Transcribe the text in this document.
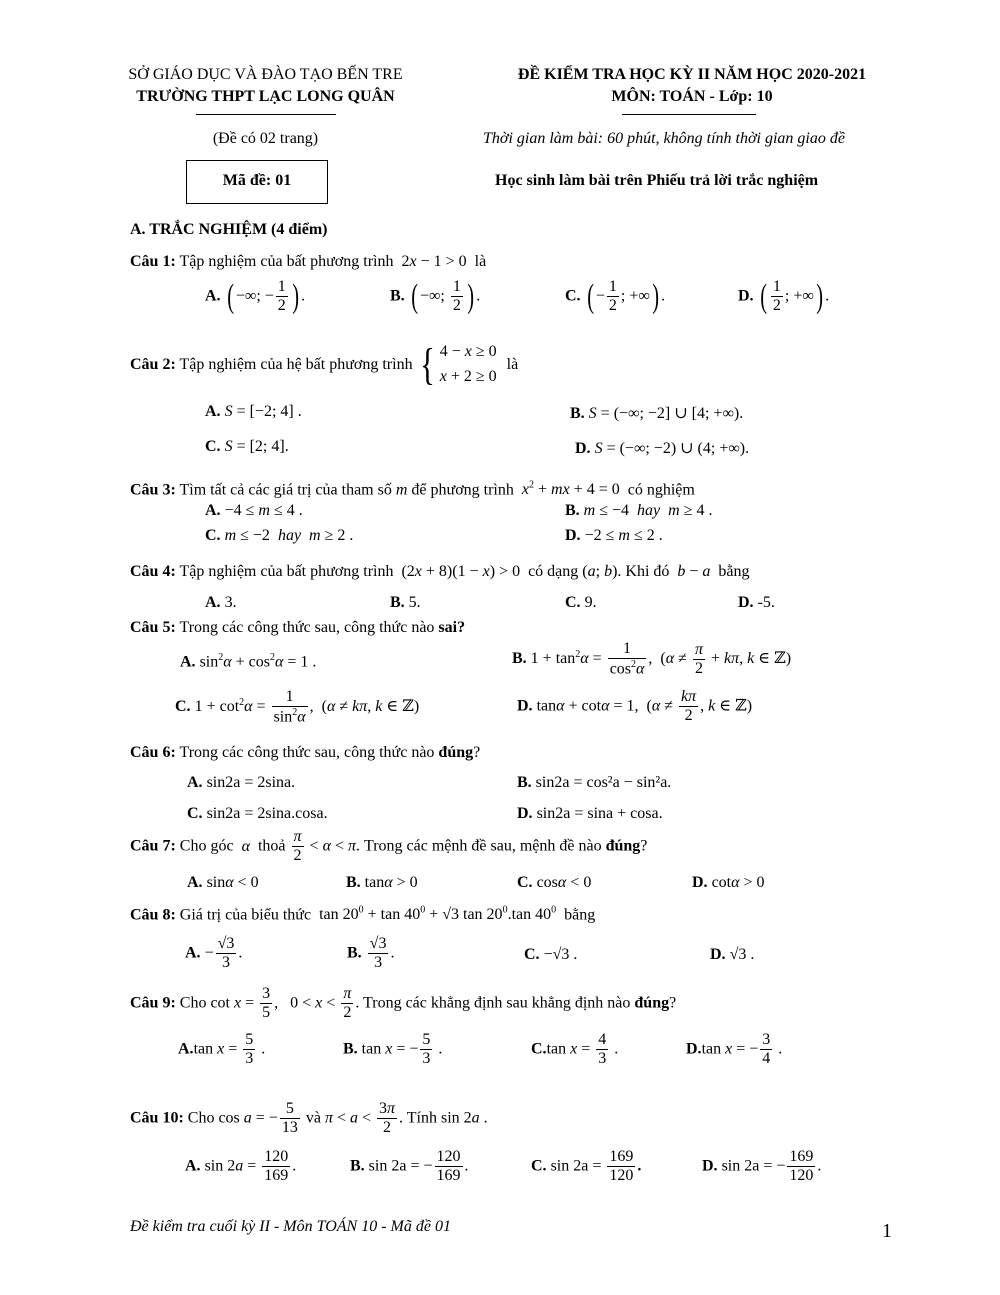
SỞ GIÁO DỤC VÀ ĐÀO TẠO BẾN TRE
TRƯỜNG THPT LẠC LONG QUÂN
ĐỀ KIỂM TRA HỌC KỲ II NĂM HỌC 2020-2021
MÔN: TOÁN - Lớp: 10
(Đề có 02 trang)	Thời gian làm bài: 60 phút, không tính thời gian giao đề
Mã đề: 01	Học sinh làm bài trên Phiếu trả lời trắc nghiệm
A. TRẮC NGHIỆM (4 điểm)
Câu 1: Tập nghiệm của bất phương trình 2x − 1 > 0 là
A. ( −∞; − $\frac{1}{2}$ ) .	B. ( −∞; $\frac{1}{2}$ ) .	C. ( − $\frac{1}{2}$ ; +∞) .	D. ( $\frac{1}{2}$ ; +∞) .
Câu 2: Tập nghiệm của hệ bất phương trình { 4 − x ≥ 0
x + 2 ≥ 0 là
A. S = [−2; 4] .	B. S = (−∞; −2] ∪ [4; +∞).
C. S = [2; 4].	D. S = (−∞; −2) ∪ (4; +∞).
Câu 3: Tìm tất cả các giá trị của tham số m để phương trình $x^2$ + mx + 4 = 0 có nghiệm
A. −4 ≤ m ≤ 4 .	B. m ≤ −4  hay m ≥ 4 .
C. m ≤ −2  hay m ≥ 2 .	D. −2 ≤ m ≤ 2 .
Câu 4: Tập nghiệm của bất phương trình (2x + 8)(1 − x) > 0 có dạng (a; b). Khi đó b − a bằng
A. 3.	B. 5.	C. 9.	D. -5.
Câu 5: Trong các công thức sau, công thức nào sai?
A. $\sin^2\alpha + \cos^2\alpha = 1$ .	B. $1 + \tan^2\alpha = \frac{1}{\cos^2\alpha}$ ,  ($\alpha \ne \frac{\pi}{2} + k\pi$, k ∈ ℤ)
C. $1 + \cot^2\alpha = \frac{1}{\sin^2\alpha}$ ,  (α ≠ kπ, k ∈ ℤ)	D. tanα + cotα = 1,  ($\alpha \ne \frac{k\pi}{2}$ , k ∈ ℤ)
Câu 6: Trong các công thức sau, công thức nào đúng?
A. sin2a = 2sina.	B. sin2a = cos²a − sin²a.
C. sin2a = 2sina.cosa.	D. sin2a = sina + cosa.
Câu 7: Cho góc α thoả $\frac{\pi}{2} < \alpha < \pi$. Trong các mệnh đề sau, mệnh đề nào đúng?
A. sinα < 0	B. tanα > 0	C. cosα < 0	D. cotα > 0
Câu 8: Giá trị của biểu thức $\tan 20^0 + \tan 40^0 + √3$ $\tan 20^0.\tan$ $40^0$ bằng
A. − $\frac{√3}{3}$ .	B. $\frac{√3}{3}$ .	C. −√3 .	D. √3 .
Câu 9: Cho $\cot x = \frac{3}{5}$ ,   $0 < x < \frac{\pi}{2}$ . Trong các khẳng định sau khẳng định nào đúng?
A.tan $x = \frac{5}{3}$ .	B. tan x = − $\frac{5}{3}$ .	C.tan $x = \frac{4}{3}$ .	D.tan x = − $\frac{3}{4}$ .
Câu 10: Cho cos a = − $\frac{5}{13}$ và $\pi < a < \frac{3\pi}{2}$ . Tính sin 2a .
A. $\sin 2a = \frac{120}{169}$ .	B. sin 2a = − $\frac{120}{169}$ .	C. $\sin 2a = \frac{169}{120}$ .	D. sin 2a = − $\frac{169}{120}$ .
Đề kiểm tra cuối kỳ II - Môn TOÁN 10 - Mã đề 01	1
